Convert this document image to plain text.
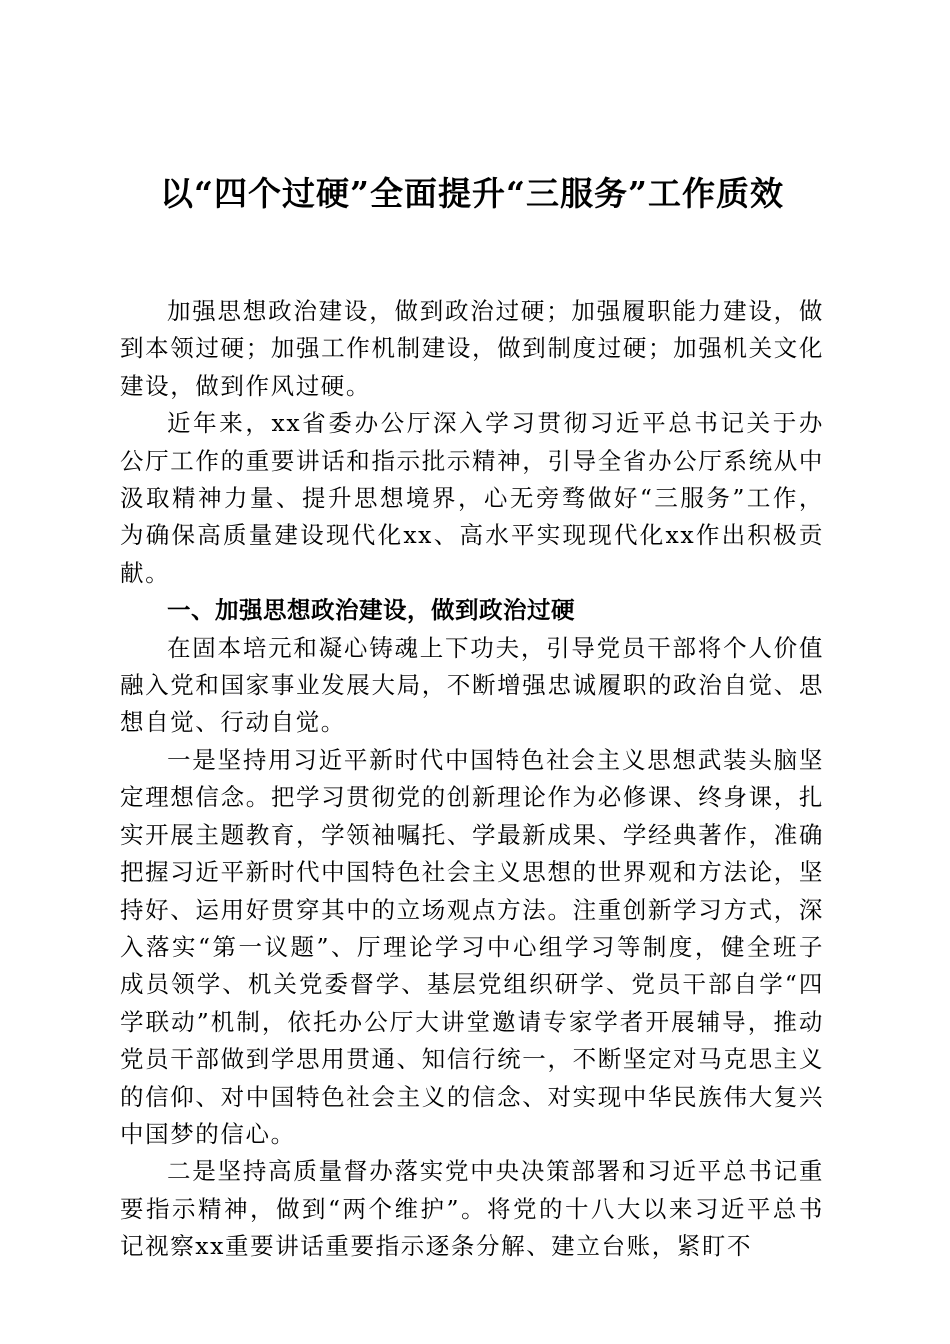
以“四个过硬”全面提升“三服务”工作质效

加强思想政治建设，做到政治过硬；加强履职能力建设，做到本领过硬；加强工作机制建设，做到制度过硬；加强机关文化建设，做到作风过硬。

近年来，xx省委办公厅深入学习贯彻习近平总书记关于办公厅工作的重要讲话和指示批示精神，引导全省办公厅系统从中汲取精神力量、提升思想境界，心无旁骛做好“三服务”工作，为确保高质量建设现代化xx、高水平实现现代化xx作出积极贡献。

一、加强思想政治建设，做到政治过硬

在固本培元和凝心铸魂上下功夫，引导党员干部将个人价值融入党和国家事业发展大局，不断增强忠诚履职的政治自觉、思想自觉、行动自觉。

一是坚持用习近平新时代中国特色社会主义思想武装头脑坚定理想信念。把学习贯彻党的创新理论作为必修课、终身课，扎实开展主题教育，学领袖嘱托、学最新成果、学经典著作，准确把握习近平新时代中国特色社会主义思想的世界观和方法论，坚持好、运用好贯穿其中的立场观点方法。注重创新学习方式，深入落实“第一议题”、厅理论学习中心组学习等制度，健全班子成员领学、机关党委督学、基层党组织研学、党员干部自学“四学联动”机制，依托办公厅大讲堂邀请专家学者开展辅导，推动党员干部做到学思用贯通、知信行统一，不断坚定对马克思主义的信仰、对中国特色社会主义的信念、对实现中华民族伟大复兴中国梦的信心。

二是坚持高质量督办落实党中央决策部署和习近平总书记重要指示精神，做到“两个维护”。将党的十八大以来习近平总书记视察xx重要讲话重要指示逐条分解、建立台账，紧盯不
